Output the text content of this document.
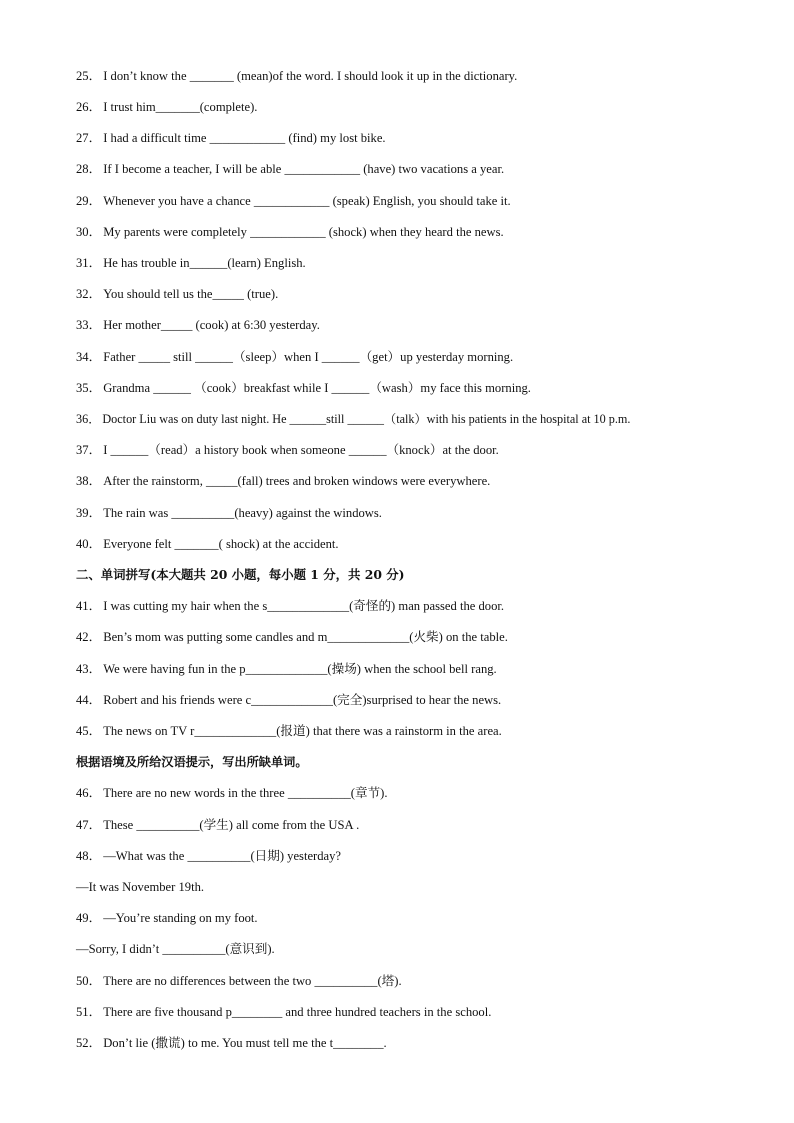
25． I don’t know the _______ (mean)of the word. I should look it up in the dictionary.
26． I trust him_______(complete).
27． I had a difficult time ____________ (find) my lost bike.
28． If I become a teacher, I will be able ____________ (have) two vacations a year.
29． Whenever you have a chance ____________ (speak) English, you should take it.
30． My parents were completely ____________ (shock) when they heard the news.
31． He has trouble in______(learn) English.
32． You should tell us the_____ (true).
33． Her mother_____ (cook) at 6:30 yesterday.
34． Father _____ still ______（sleep）when I ______（get）up yesterday morning.
35． Grandma ______ （cook）breakfast while I ______（wash）my face this morning.
36． Doctor Liu was on duty last night. He ______still ______（talk）with his patients in the hospital at 10 p.m.
37． I ______（read）a history book when someone ______（knock）at the door.
38． After the rainstorm, _____(fall) trees and broken windows were everywhere.
39． The rain was __________(heavy) against the windows.
40． Everyone felt _______( shock) at the accident.
二、单词拼写(本大题共 20 小题，每小题 1 分，共 20 分)
41． I was cutting my hair when the s_____________(奇怪的) man passed the door.
42． Ben’s mom was putting some candles and m_____________(火柴) on the table.
43． We were having fun in the p_____________(操场) when the school bell rang.
44． Robert and his friends were c_____________(完全)surprised to hear the news.
45． The news on TV r_____________(报道) that there was a rainstorm in the area.
根据语境及所给汉语提示，写出所缺单词。
46． There are no new words in the three __________(章节).
47． These __________(学生) all come from the USA .
48． —What was the __________(日期) yesterday?
—It was November 19th.
49． —You’re standing on my foot.
—Sorry, I didn’t __________(意识到).
50． There are no differences between the two __________(塔).
51． There are five thousand p________ and three hundred teachers in the school.
52． Don’t lie (撒谎) to me. You must tell me the t________.
